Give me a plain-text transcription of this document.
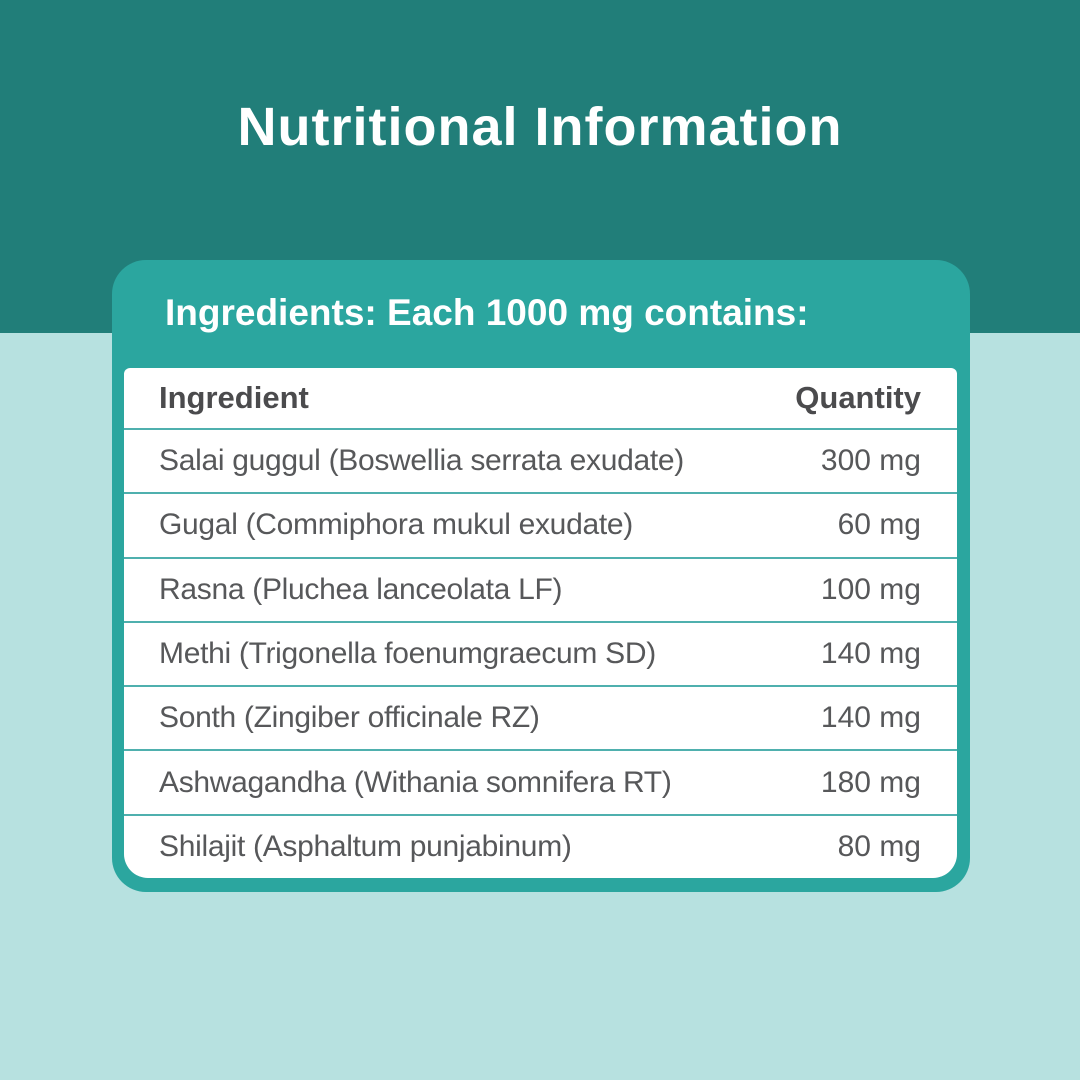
Nutritional Information
Ingredients: Each 1000 mg contains:
Ingredient	Quantity
Salai guggul (Boswellia serrata exudate)	300 mg
Gugal (Commiphora mukul exudate)	60 mg
Rasna (Pluchea lanceolata LF)	100 mg
Methi (Trigonella foenumgraecum SD)	140 mg
Sonth (Zingiber officinale RZ)	140 mg
Ashwagandha (Withania somnifera RT)	180 mg
Shilajit (Asphaltum punjabinum)	80 mg
